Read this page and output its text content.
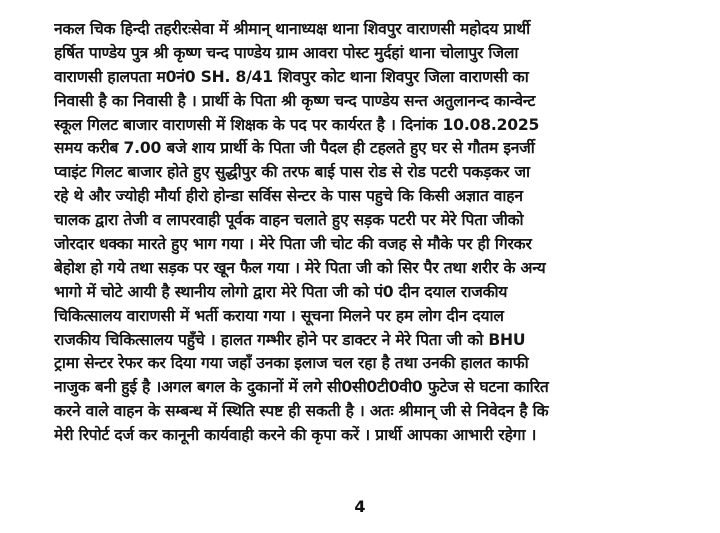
नकल चिक हिन्दी तहरीरःसेवा में श्रीमान् थानाध्यक्ष थाना शिवपुर वाराणसी महोदय प्रार्थी
हर्षित पाण्डेय पुत्र श्री कृष्ण चन्द पाण्डेय ग्राम आवरा पोस्ट मुर्दहां थाना चोलापुर जिला
वाराणसी हालपता म0नं0 SH. 8/41 शिवपुर कोट थाना शिवपुर जिला वाराणसी का
निवासी है का निवासी है । प्रार्थी के पिता श्री कृष्ण चन्द पाण्डेय सन्त अतुलानन्द कान्वेन्ट
स्कूल गिलट बाजार वाराणसी में शिक्षक के पद पर कार्यरत है । दिनांक 10.08.2025
समय करीब 7.00 बजे शाय प्रार्थी के पिता जी पैदल ही टहलते हुए घर से गौतम इनर्जी
प्वाइंट गिलट बाजार होते हुए सुद्धीपुर की तरफ बाई पास रोड से रोड पटरी पकड़कर जा
रहे थे और ज्योही मौर्या हीरो होन्डा सर्विस सेन्टर के पास पहुचे कि किसी अज्ञात वाहन
चालक द्वारा तेजी व लापरवाही पूर्वक वाहन चलाते हुए सड़क पटरी पर मेरे पिता जीको
जोरदार धक्का मारते हुए भाग गया । मेरे पिता जी चोट की वजह से मौके पर ही गिरकर
बेहोश हो गये तथा सड़क पर खून फैल गया । मेरे पिता जी को सिर पैर तथा शरीर के अन्य
भागो में चोटे आयी है स्थानीय लोगो द्वारा मेरे पिता जी को पं0 दीन दयाल राजकीय
चिकित्सालय वाराणसी में भर्ती कराया गया । सूचना मिलने पर हम लोग दीन दयाल
राजकीय चिकित्सालय पहुँचे । हालत गम्भीर होने पर डाक्टर ने मेरे पिता जी को BHU
ट्रामा सेन्टर रेफर कर दिया गया जहाँ उनका इलाज चल रहा है तथा उनकी हालत काफी
नाजुक बनी हुई है ।अगल बगल के दुकानों में लगे सी0सी0टी0वी0 फुटेज से घटना कारित
करने वाले वाहन के सम्बन्ध में स्थिति स्पष्ट ही सकती है । अतः श्रीमान् जी से निवेदन है कि
मेरी रिपोर्ट दर्ज कर कानूनी कार्यवाही करने की कृपा करें । प्रार्थी आपका आभारी रहेगा ।
4
